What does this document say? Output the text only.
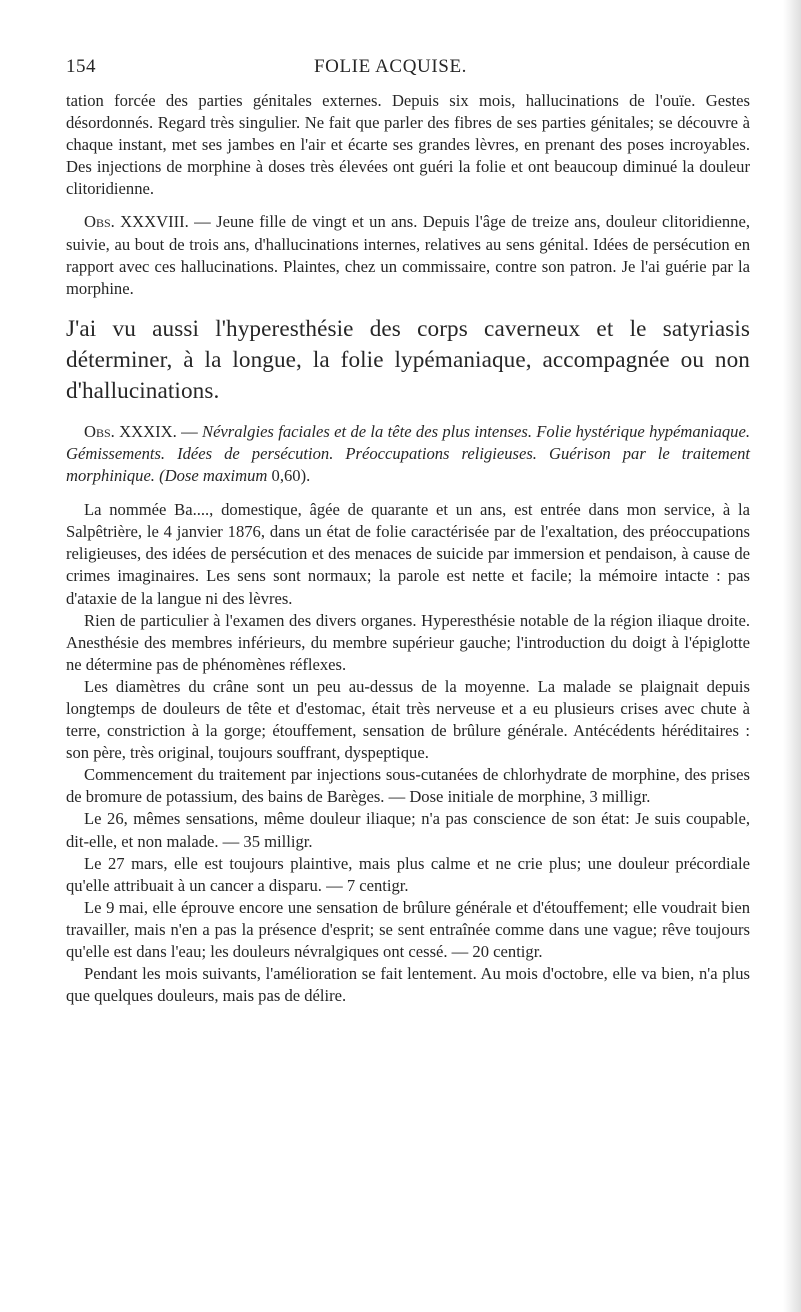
154	FOLIE ACQUISE.

tation forcée des parties génitales externes. Depuis six mois, hallucinations de l'ouïe. Gestes désordonnés. Regard très singulier. Ne fait que parler des fibres de ses parties génitales; se découvre à chaque instant, met ses jambes en l'air et écarte ses grandes lèvres, en prenant des poses incroyables. Des injections de morphine à doses très élevées ont guéri la folie et ont beaucoup diminué la douleur clitoridienne.

Obs. XXXVIII. — Jeune fille de vingt et un ans. Depuis l'âge de treize ans, douleur clitoridienne, suivie, au bout de trois ans, d'hallucinations internes, relatives au sens génital. Idées de persécution en rapport avec ces hallucinations. Plaintes, chez un commissaire, contre son patron. Je l'ai guérie par la morphine.

J'ai vu aussi l'hyperesthésie des corps caverneux et le satyriasis déterminer, à la longue, la folie lypémaniaque, accompagnée ou non d'hallucinations.

Obs. XXXIX. — Névralgies faciales et de la tête des plus intenses. Folie hystérique hypémaniaque. Gémissements. Idées de persécution. Préoccupations religieuses. Guérison par le traitement morphinique. (Dose maximum 0,60).

La nommée Ba...., domestique, âgée de quarante et un ans, est entrée dans mon service, à la Salpêtrière, le 4 janvier 1876, dans un état de folie caractérisée par de l'exaltation, des préoccupations religieuses, des idées de persécution et des menaces de suicide par immersion et pendaison, à cause de crimes imaginaires. Les sens sont normaux; la parole est nette et facile; la mémoire intacte : pas d'ataxie de la langue ni des lèvres.

Rien de particulier à l'examen des divers organes. Hyperesthésie notable de la région iliaque droite. Anesthésie des membres inférieurs, du membre supérieur gauche; l'introduction du doigt à l'épiglotte ne détermine pas de phénomènes réflexes.

Les diamètres du crâne sont un peu au-dessus de la moyenne. La malade se plaignait depuis longtemps de douleurs de tête et d'estomac, était très nerveuse et a eu plusieurs crises avec chute à terre, constriction à la gorge; étouffement, sensation de brûlure générale. Antécédents héréditaires : son père, très original, toujours souffrant, dyspeptique.

Commencement du traitement par injections sous-cutanées de chlorhydrate de morphine, des prises de bromure de potassium, des bains de Barèges. — Dose initiale de morphine, 3 milligr.

Le 26, mêmes sensations, même douleur iliaque; n'a pas conscience de son état: Je suis coupable, dit-elle, et non malade. — 35 milligr.

Le 27 mars, elle est toujours plaintive, mais plus calme et ne crie plus; une douleur précordiale qu'elle attribuait à un cancer a disparu. — 7 centigr.

Le 9 mai, elle éprouve encore une sensation de brûlure générale et d'étouffement; elle voudrait bien travailler, mais n'en a pas la présence d'esprit; se sent entraînée comme dans une vague; rêve toujours qu'elle est dans l'eau; les douleurs névralgiques ont cessé. — 20 centigr.

Pendant les mois suivants, l'amélioration se fait lentement. Au mois d'octobre, elle va bien, n'a plus que quelques douleurs, mais pas de délire.
